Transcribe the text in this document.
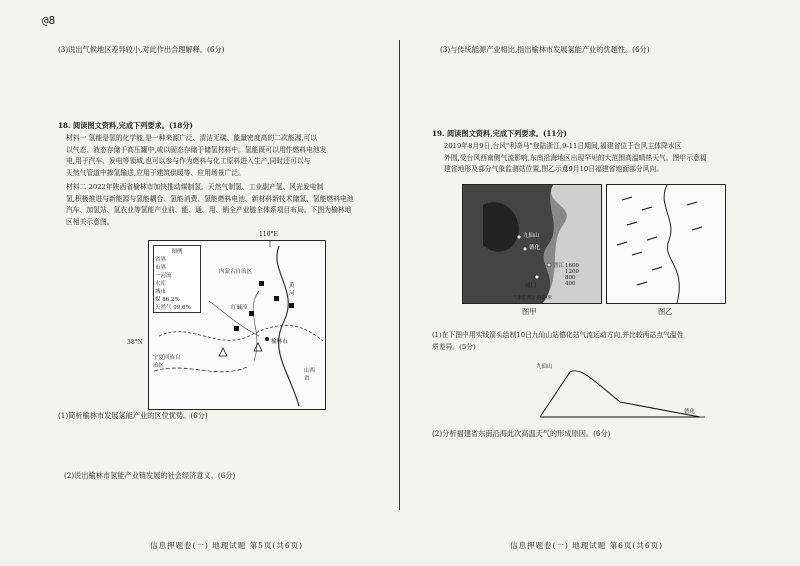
@8
(3)说出气候地区差异较小,对此作出合理解释。(6分)
18. 阅读图文资料,完成下列要求。(18分)
材料一 氢能是氢的化学能,是一种来源广泛、清洁无碳、能量密度高的二次能源,可以
以气态、液态存储于高压罐中,或以固态存储于储氢材料中。氢能既可以用作燃料电池发
电,用于汽车、发电等领域,也可以参与作为燃料与化工原料进入生产,同时还可以与
天然气管道中掺氢输送,应用于建筑供暖等、应用场景广泛。
材料二 2022年陕西省榆林市加快推动煤制氢、天然气制氢、工业副产氢、风光发电制
氢,积极推进与新能源与氢能耦合、氢能消费、氢能燃料电池、新材料新技术储氢、氢能燃料电池
汽车、加氢站、氢农业等氢能产业前、能、通、用、销全产业链全体系项目布局。下图为榆林地
区相关示意图。
110°E
38°N
图例
省界
市界
一河流
水库
城市
煤 86.2%
天然气 99.6%
内蒙古自治区
红碱淖
榆林市
宁夏回族自治区
山西省
黄河
(1)简析榆林市发展氢能产业的区位优势。(6分)
(2)说出榆林市氢能产业链发展的社会经济意义。(6分)
信息押题卷(一) 地理试题 第5页(共6页)
(3)与传统能源产业相比,指出榆林市发展氢能产业的优越性。(6分)
19. 阅读图文资料,完成下列要求。(11分)
2019年8月9日,台风"利奇马"登陆浙江,9-11日期间,福建省位于台风主体降水区
外围,受台风西南侧气流影响,东南沿海地区出现罕见的大范围高温晴热天气。图甲示意福
建省地形及部分气象监测站位置,图乙示意9月10日福建省地面部分风向。
九仙山
德化
晋江
厦门
1600
1200
800
400
气象监测站 海拔/米
图甲	图乙
(1)在下图中用实线箭头绘制10日九仙山站德化站气流运动方向,并比较两站点气温性
质差异。(5分)
九仙山
德化
(2)分析福建省东南沿海此次高温天气的形成原因。(6分)
信息押题卷(一) 地理试题 第6页(共6页)
